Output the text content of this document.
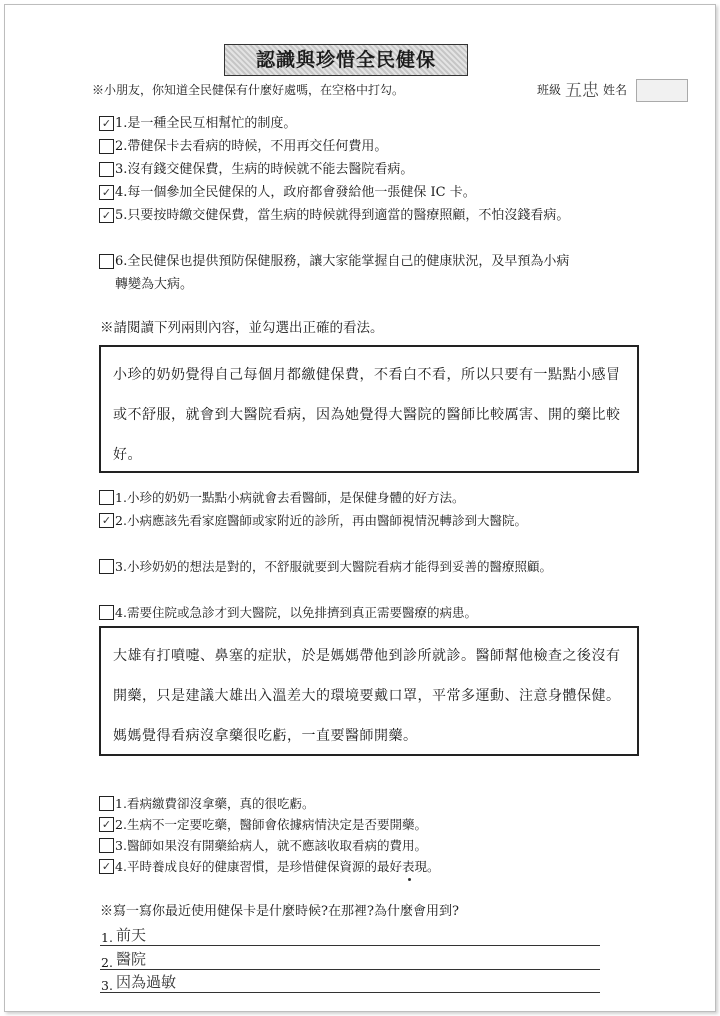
認識與珍惜全民健保
※小朋友，你知道全民健保有什麼好處嗎，在空格中打勾。	班級 五忠 姓名
✓ 1.是一種全民互相幫忙的制度。
2.帶健保卡去看病的時候，不用再交任何費用。
3.沒有錢交健保費，生病的時候就不能去醫院看病。
✓ 4.每一個參加全民健保的人，政府都會發給他一張健保 IC 卡。
✓ 5.只要按時繳交健保費，當生病的時候就得到適當的醫療照顧，不怕沒錢看病。
6.全民健保也提供預防保健服務，讓大家能掌握自己的健康狀況，及早預為小病轉變為大病。
※請閱讀下列兩則內容，並勾選出正確的看法。
小珍的奶奶覺得自己每個月都繳健保費，不看白不看，所以只要有一點點小感冒或不舒服，就會到大醫院看病，因為她覺得大醫院的醫師比較厲害、開的藥比較好。
1.小珍的奶奶一點點小病就會去看醫師，是保健身體的好方法。
✓ 2.小病應該先看家庭醫師或家附近的診所，再由醫師視情況轉診到大醫院。
3.小珍奶奶的想法是對的，不舒服就要到大醫院看病才能得到妥善的醫療照顧。
4.需要住院或急診才到大醫院，以免排擠到真正需要醫療的病患。
大雄有打噴嚏、鼻塞的症狀，於是媽媽帶他到診所就診。醫師幫他檢查之後沒有開藥，只是建議大雄出入溫差大的環境要戴口罩，平常多運動、注意身體保健。媽媽覺得看病沒拿藥很吃虧，一直要醫師開藥。
1.看病繳費卻沒拿藥，真的很吃虧。
✓ 2.生病不一定要吃藥，醫師會依據病情決定是否要開藥。
3.醫師如果沒有開藥給病人，就不應該收取看病的費用。
✓ 4.平時養成良好的健康習慣，是珍惜健保資源的最好表現。
※寫一寫你最近使用健保卡是什麼時候?在那裡?為什麼會用到?
1. 前天
2. 醫院
3. 因為過敏
